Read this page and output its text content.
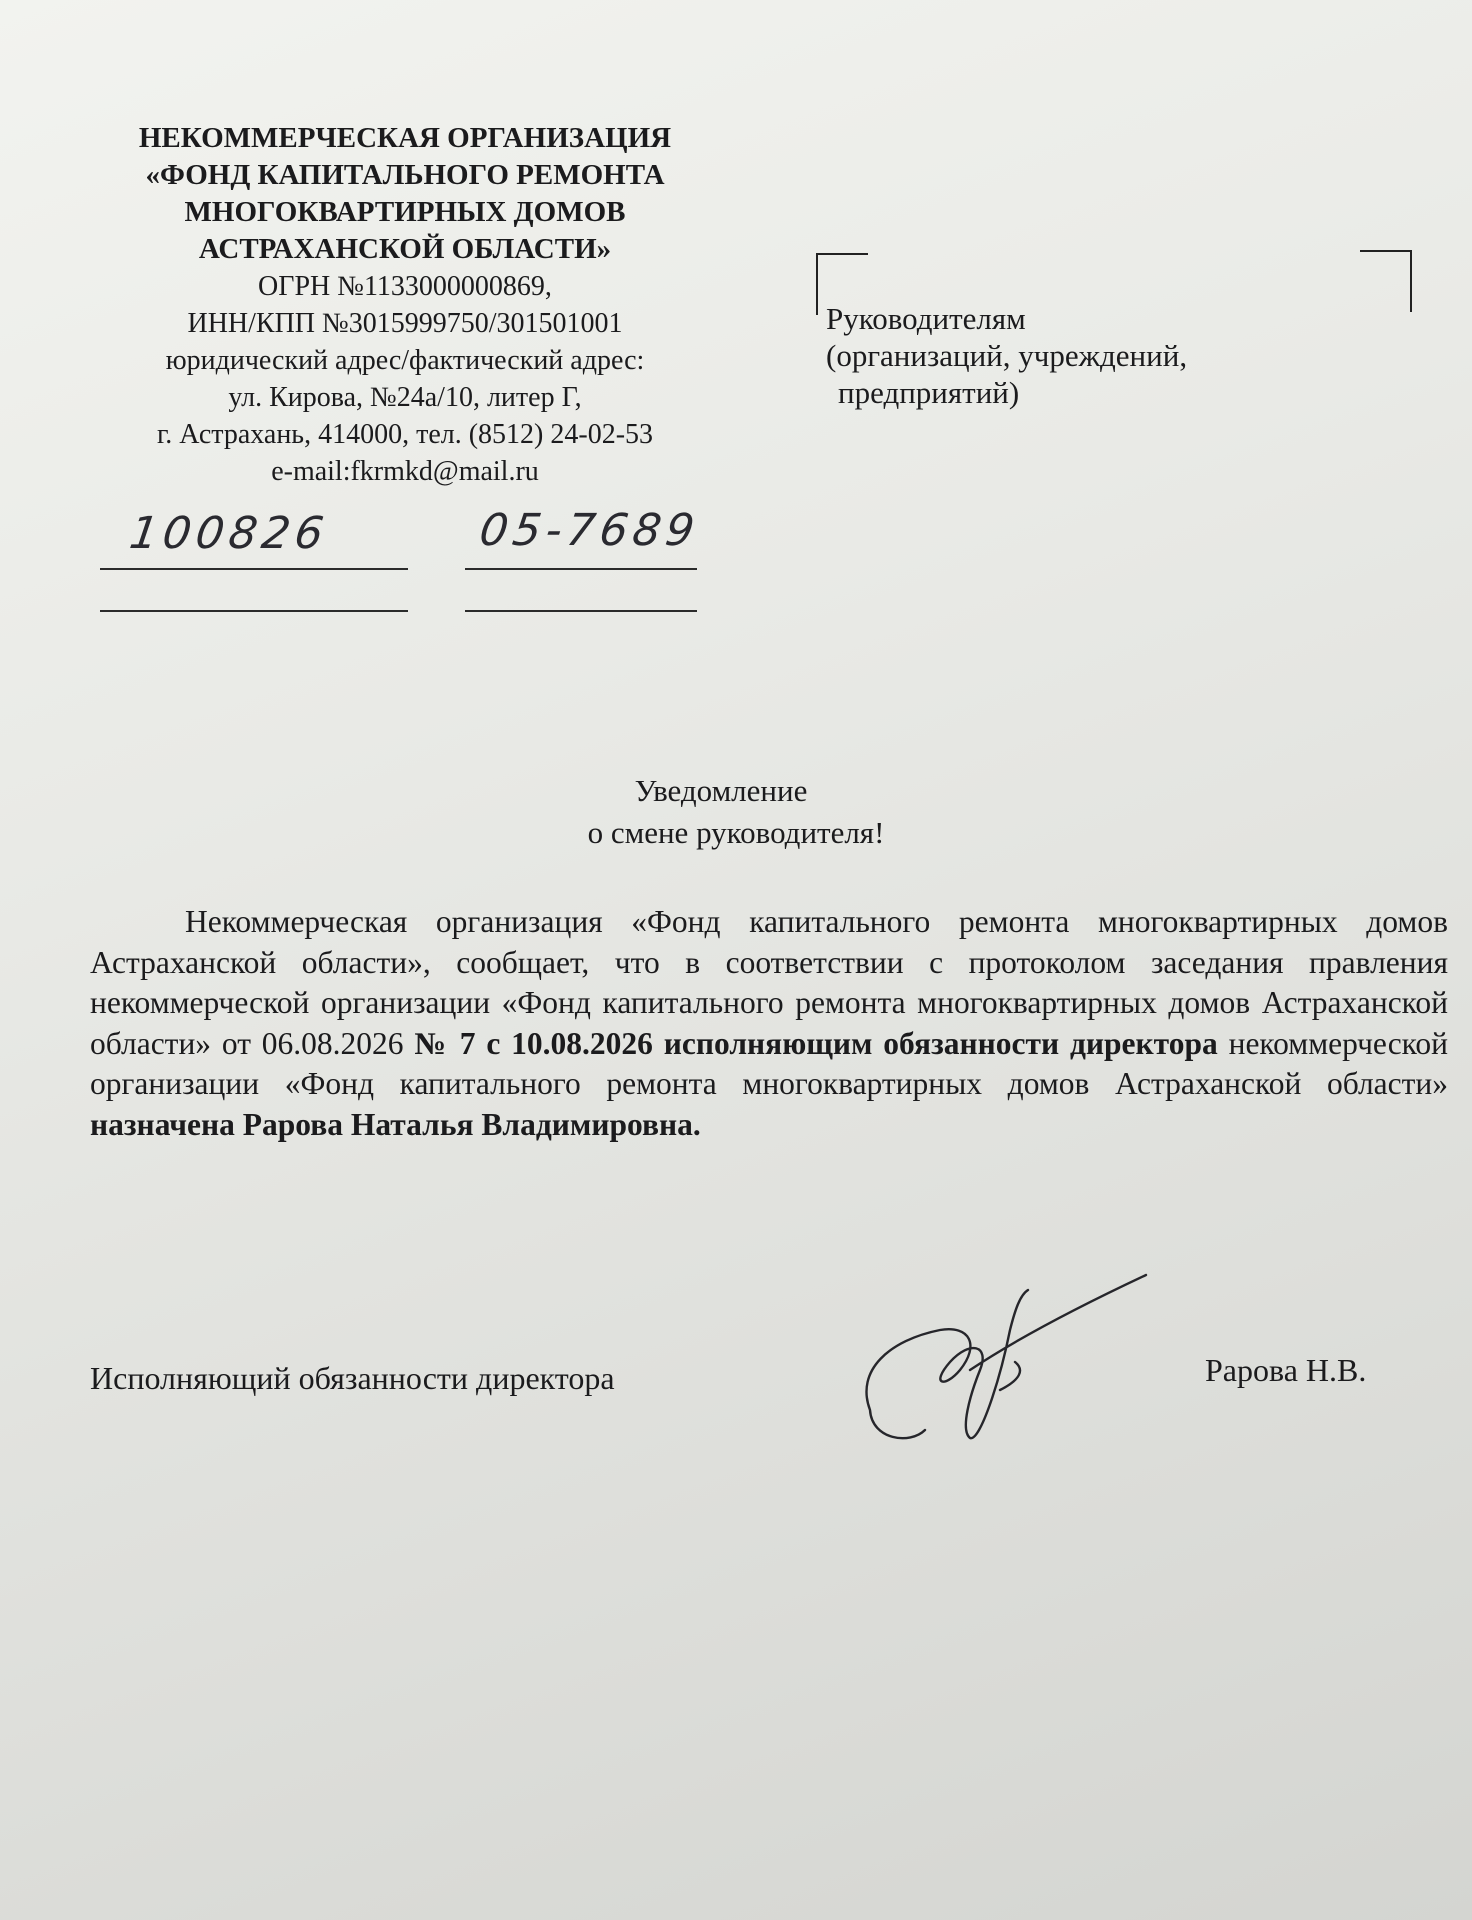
НЕКОММЕРЧЕСКАЯ ОРГАНИЗАЦИЯ
«ФОНД КАПИТАЛЬНОГО РЕМОНТА
МНОГОКВАРТИРНЫХ ДОМОВ
АСТРАХАНСКОЙ ОБЛАСТИ»
ОГРН №1133000000869,
ИНН/КПП №3015999750/301501001
юридический адрес/фактический адрес:
ул. Кирова, №24а/10, литер Г,
г. Астрахань, 414000, тел. (8512) 24-02-53
e-mail:fkrmkd@mail.ru
100826	05-7689
Руководителям
(организаций, учреждений,
предприятий)
Уведомление
о смене руководителя!
Некоммерческая организация «Фонд капитального ремонта многоквартирных домов Астраханской области», сообщает, что в соответствии с протоколом заседания правления некоммерческой организации «Фонд капитального ремонта многоквартирных домов Астраханской области» от 06.08.2026 № 7 с 10.08.2026 исполняющим обязанности директора некоммерческой организации «Фонд капитального ремонта многоквартирных домов Астраханской области» назначена Рарова Наталья Владимировна.
Исполняющий обязанности директора	Рарова Н.В.
